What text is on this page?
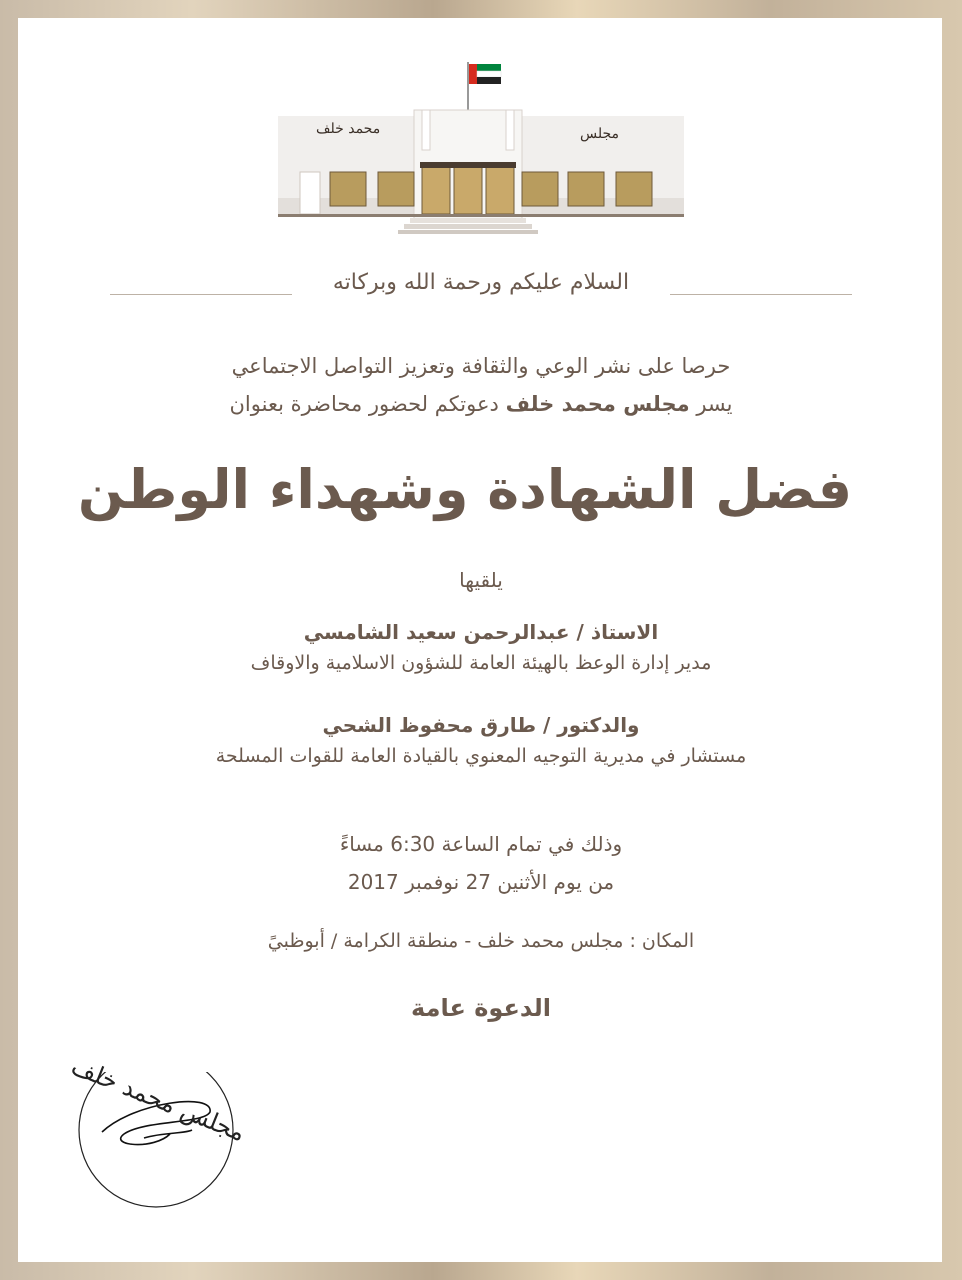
محمد خلف	مجلس
السلام عليكم ورحمة الله وبركاته
حرصا على نشر الوعي والثقافة وتعزيز التواصل الاجتماعي
يسر مجلس محمد خلف دعوتكم لحضور محاضرة بعنوان
فضل الشهادة وشهداء الوطن
يلقيها
الاستاذ / عبدالرحمن سعيد الشامسي
مدير إدارة الوعظ بالهيئة العامة للشؤون الاسلامية والاوقاف
والدكتور / طارق محفوظ الشحي
مستشار في مديرية التوجيه المعنوي بالقيادة العامة للقوات المسلحة
وذلك في تمام الساعة 6:30 مساءً
من يوم الأثنين 27 نوفمبر 2017
المكان : مجلس محمد خلف - منطقة الكرامة / أبوظبيً
الدعوة عامة
مجلس محمد خلف
